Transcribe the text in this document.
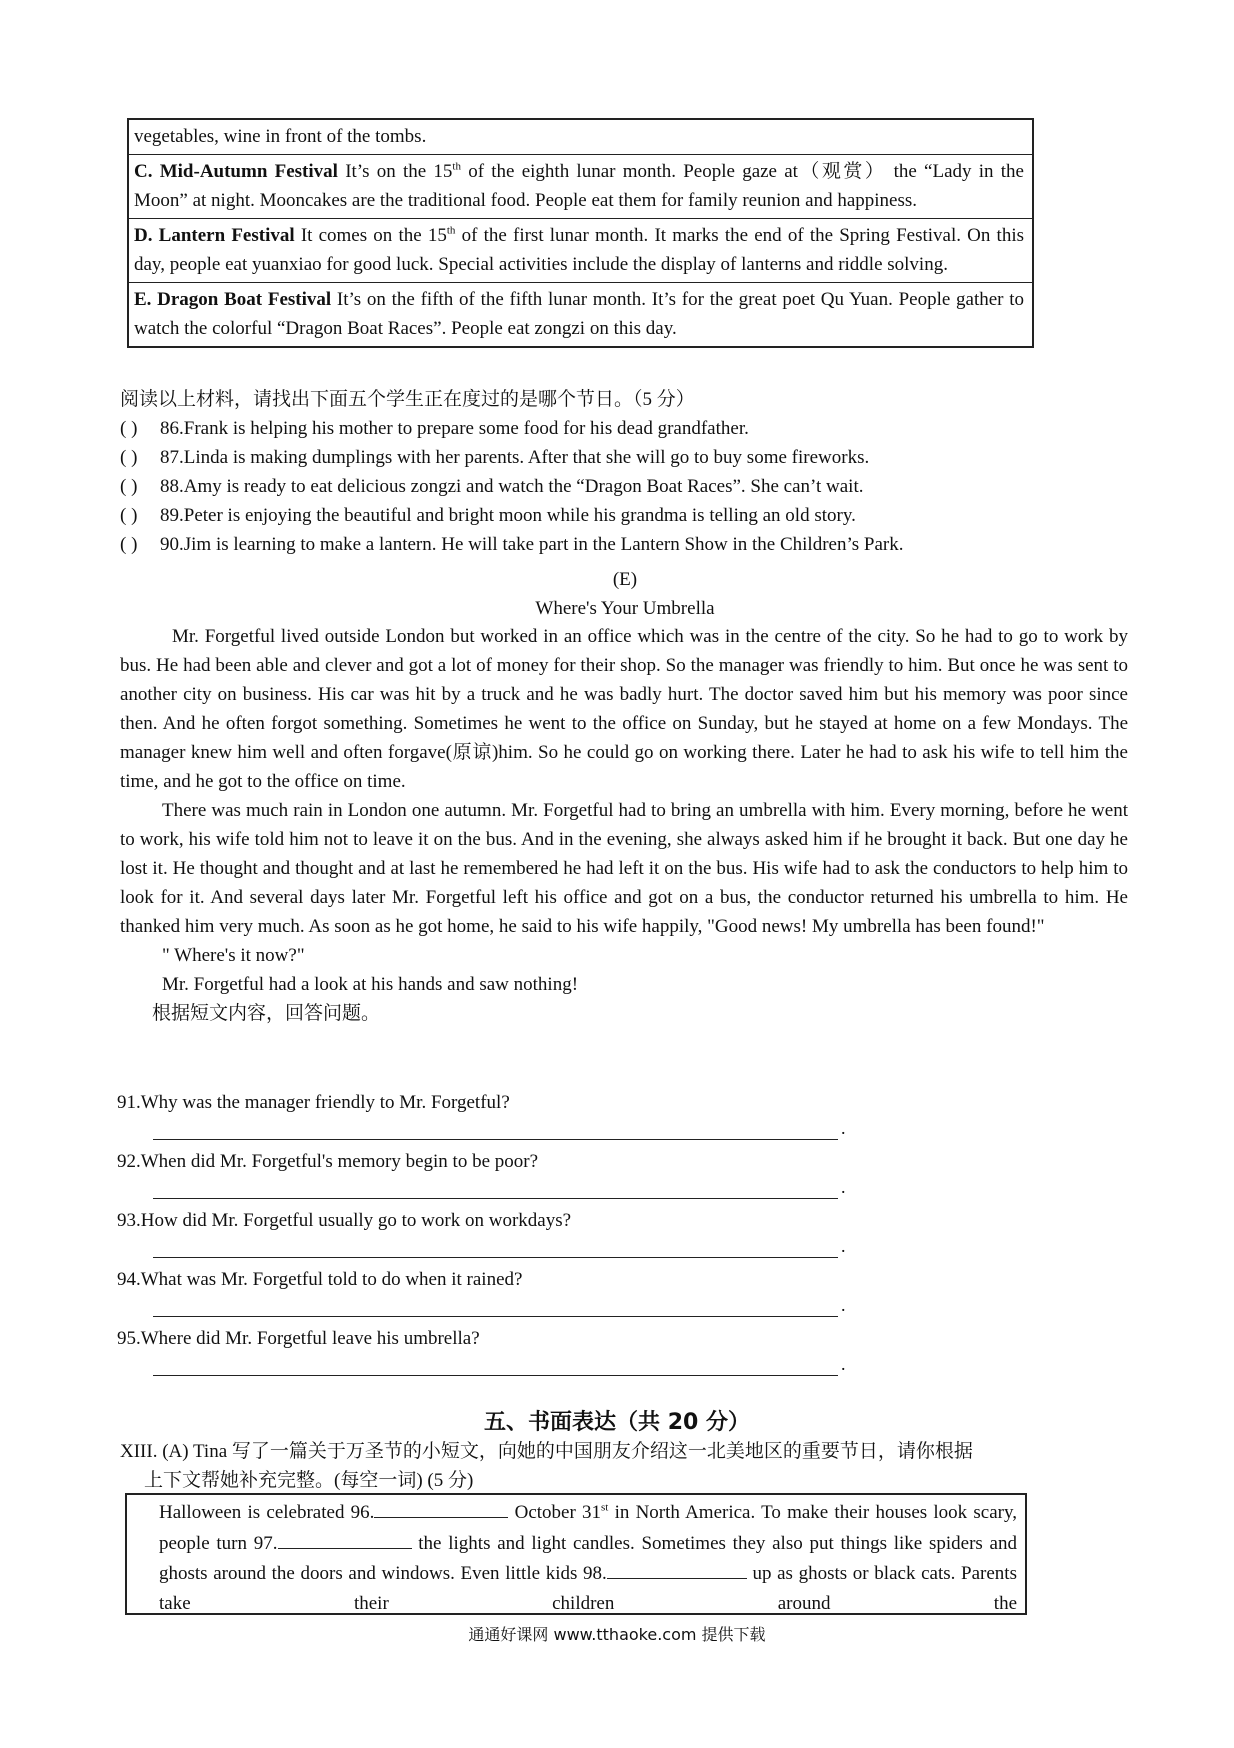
vegetables, wine in front of the tombs.
C. Mid-Autumn Festival It’s on the 15th of the eighth lunar month. People gaze at（观赏） the “Lady in the Moon” at night. Mooncakes are the traditional food. People eat them for family reunion and happiness.
D. Lantern Festival It comes on the 15th of the first lunar month. It marks the end of the Spring Festival. On this day, people eat yuanxiao for good luck. Special activities include the display of lanterns and riddle solving.
E. Dragon Boat Festival It’s on the fifth of the fifth lunar month. It’s for the great poet Qu Yuan. People gather to watch the colorful “Dragon Boat Races”. People eat zongzi on this day.
阅读以上材料，请找出下面五个学生正在度过的是哪个节日。（5 分）
( ) 86.Frank is helping his mother to prepare some food for his dead grandfather.
( ) 87.Linda is making dumplings with her parents. After that she will go to buy some fireworks.
( ) 88.Amy is ready to eat delicious zongzi and watch the “Dragon Boat Races”. She can’t wait.
( ) 89.Peter is enjoying the beautiful and bright moon while his grandma is telling an old story.
( ) 90.Jim is learning to make a lantern. He will take part in the Lantern Show in the Children’s Park.
(E)
Where's Your Umbrella

Mr. Forgetful lived outside London but worked in an office which was in the centre of the city. So he had to go to work by bus. He had been able and clever and got a lot of money for their shop. So the manager was friendly to him. But once he was sent to another city on business. His car was hit by a truck and he was badly hurt. The doctor saved him but his memory was poor since then. And he often forgot something. Sometimes he went to the office on Sunday, but he stayed at home on a few Mondays. The manager knew him well and often forgave(原谅)him. So he could go on working there. Later he had to ask his wife to tell him the time, and he got to the office on time.

There was much rain in London one autumn. Mr. Forgetful had to bring an umbrella with him. Every morning, before he went to work, his wife told him not to leave it on the bus. And in the evening, she always asked him if he brought it back. But one day he lost it. He thought and thought and at last he remembered he had left it on the bus. His wife had to ask the conductors to help him to look for it. And several days later Mr. Forgetful left his office and got on a bus, the conductor returned his umbrella to him. He thanked him very much. As soon as he got home, he said to his wife happily, "Good news! My umbrella has been found!"

" Where's it now?"

Mr. Forgetful had a look at his hands and saw nothing!

根据短文内容，回答问题。

91.Why was the manager friendly to Mr. Forgetful?
.
92.When did Mr. Forgetful's memory begin to be poor?
.
93.How did Mr. Forgetful usually go to work on workdays?
.
94.What was Mr. Forgetful told to do when it rained?
.
95.Where did Mr. Forgetful leave his umbrella?
.
五、书面表达（共 20 分）
XIII. (A) Tina 写了一篇关于万圣节的小短文，向她的中国朋友介绍这一北美地区的重要节日，请你根据
上下文帮她补充完整。(每空一词) (5 分)
Halloween is celebrated 96.	October 31st in North America. To make their houses look scary, people turn 97.	the lights and light candles. Sometimes they also put things like spiders and ghosts around the doors and windows. Even little kids 98.	up as ghosts or black cats. Parents take their children around the
通通好课网 www.tthaoke.com 提供下载
